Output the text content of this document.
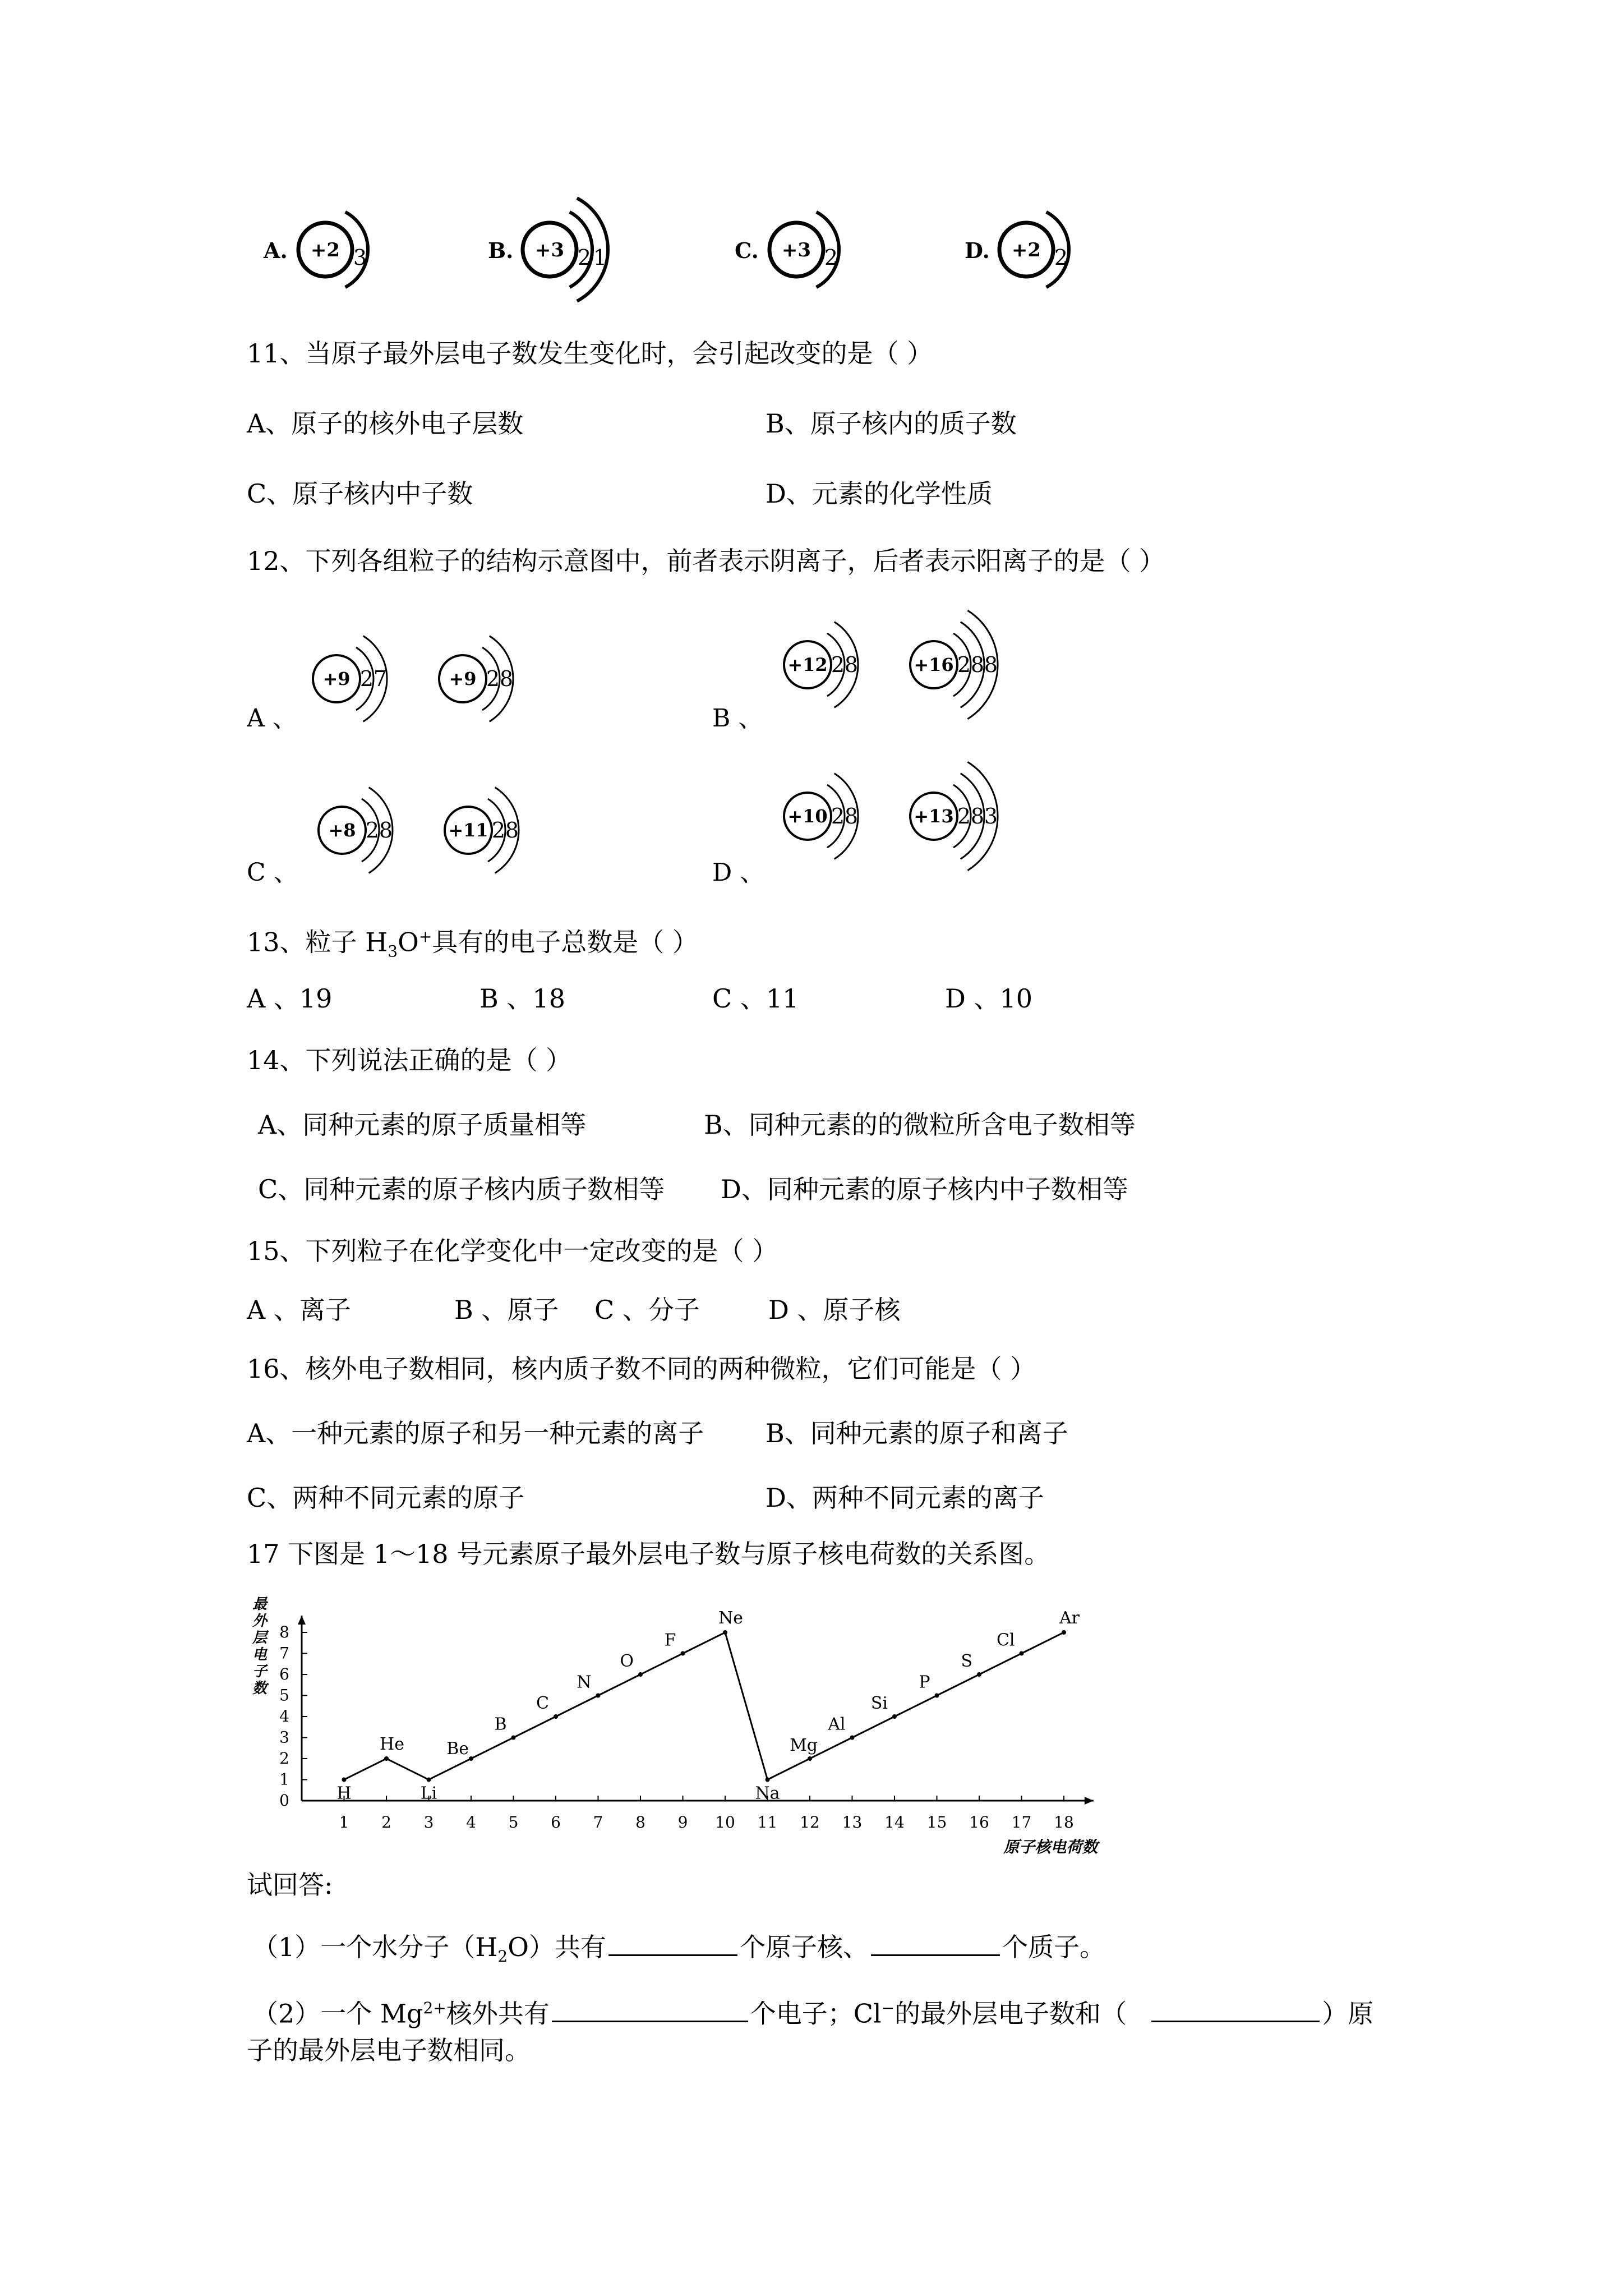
A. +2 3	B. +3 2 1	C. +3 2	D. +2 2
11、当原子最外层电子数发生变化时，会引起改变的是（ ）
A、原子的核外电子层数	B、原子核内的质子数
C、原子核内中子数	D、元素的化学性质
12、下列各组粒子的结构示意图中，前者表示阴离子，后者表示阳离子的是（ ）
A 、
+9 2 7	+9 2 8
B 、
+12 2 8	+16 2 8 8
C 、
+8 2 8	+11 2 8
D 、
+10 2 8	+13 2 8 3
13、粒子 $H_3O^+$具有的电子总数是（ ）
A 、19	B 、18	C 、11	D 、10
14、下列说法正确的是（ ）
A、同种元素的原子质量相等	B、同种元素的的微粒所含电子数相等
C、同种元素的原子核内质子数相等 D、同种元素的原子核内中子数相等
15、下列粒子在化学变化中一定改变的是（ ）
A 、离子	B 、原子 C 、分子	D 、原子核
16、核外电子数相同，核内质子数不同的两种微粒，它们可能是（ ）
A、一种元素的原子和另一种元素的离子 B、同种元素的原子和离子
C、两种不同元素的原子	D、两种不同元素的离子
17 下图是 1～18 号元素原子最外层电子数与原子核电荷数的关系图。
0
1
2
3
4
5
6
7
8
1 2 3 4 5 6 7 8 9 10 11 12 13 14 15 16 17 18
最
外
层
电
子
数
原子核电荷数
H
He
Li
Be
B
C
N
O
F
Ne
Na
Mg
Al
Si
P
S
Cl
Ar
试回答:
（1）一个水分子$(H_2O)$共有	个原子核、	个质子。
（2）一个 $Mg^{2+}$核外共有	个电子；Cl−的最外层电子数和（	）原
子的最外层电子数相同。
